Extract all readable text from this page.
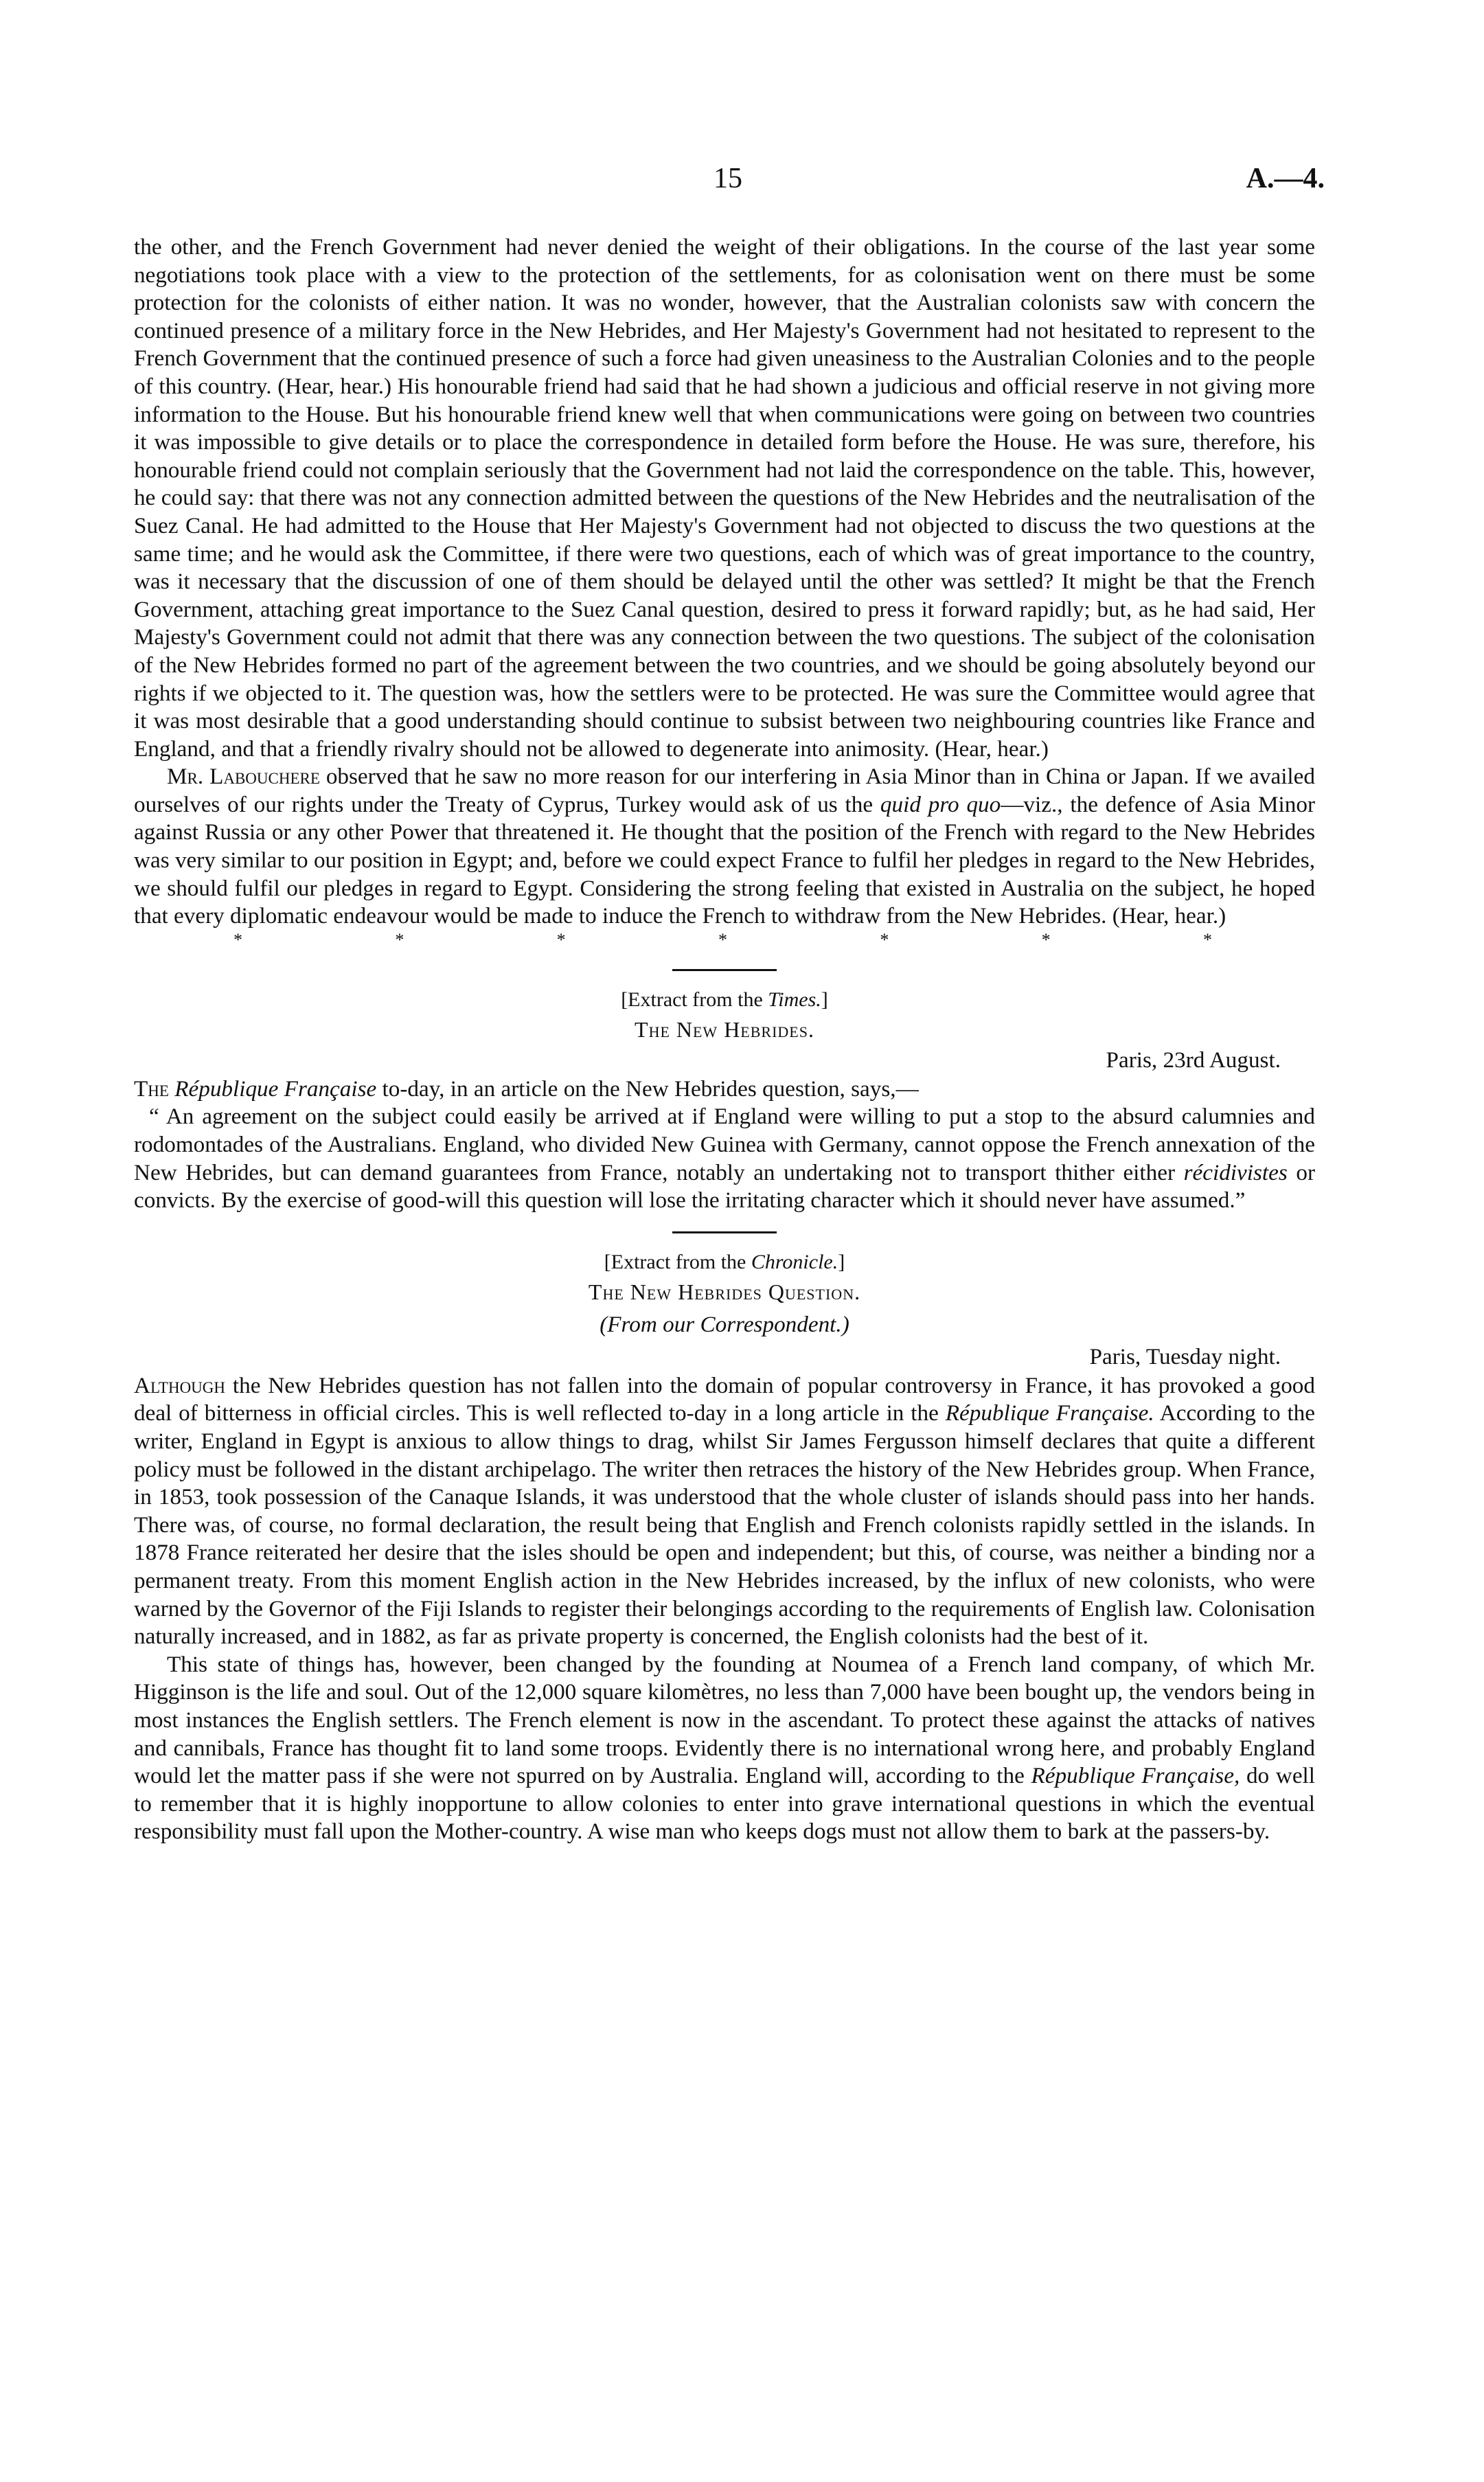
15	A.—4.

the other, and the French Government had never denied the weight of their obligations. In the course of the last year some negotiations took place with a view to the protection of the settlements, for as colonisation went on there must be some protection for the colonists of either nation. It was no wonder, however, that the Australian colonists saw with concern the continued presence of a military force in the New Hebrides, and Her Majesty's Government had not hesitated to represent to the French Government that the continued presence of such a force had given uneasiness to the Australian Colonies and to the people of this country. (Hear, hear.) His honourable friend had said that he had shown a judicious and official reserve in not giving more information to the House. But his honourable friend knew well that when communications were going on between two countries it was impossible to give details or to place the correspondence in detailed form before the House. He was sure, therefore, his honourable friend could not complain seriously that the Government had not laid the correspondence on the table. This, however, he could say: that there was not any connection admitted between the questions of the New Hebrides and the neutralisation of the Suez Canal. He had admitted to the House that Her Majesty's Government had not objected to discuss the two questions at the same time; and he would ask the Committee, if there were two questions, each of which was of great importance to the country, was it necessary that the discussion of one of them should be delayed until the other was settled? It might be that the French Government, attaching great importance to the Suez Canal question, desired to press it forward rapidly; but, as he had said, Her Majesty's Government could not admit that there was any connection between the two questions. The subject of the colonisation of the New Hebrides formed no part of the agreement between the two countries, and we should be going absolutely beyond our rights if we objected to it. The question was, how the settlers were to be protected. He was sure the Committee would agree that it was most desirable that a good understanding should continue to subsist between two neighbouring countries like France and England, and that a friendly rivalry should not be allowed to degenerate into animosity. (Hear, hear.)

Mr. Labouchere observed that he saw no more reason for our interfering in Asia Minor than in China or Japan. If we availed ourselves of our rights under the Treaty of Cyprus, Turkey would ask of us the quid pro quo—viz., the defence of Asia Minor against Russia or any other Power that threatened it. He thought that the position of the French with regard to the New Hebrides was very similar to our position in Egypt; and, before we could expect France to fulfil her pledges in regard to the New Hebrides, we should fulfil our pledges in regard to Egypt. Considering the strong feeling that existed in Australia on the subject, he hoped that every diplomatic endeavour would be made to induce the French to withdraw from the New Hebrides. (Hear, hear.)

*	*	*	*	*	*	*
[Extract from the Times.]
The New Hebrides.
Paris, 23rd August.

The République Française to-day, in an article on the New Hebrides question, says,—

“ An agreement on the subject could easily be arrived at if England were willing to put a stop to the absurd calumnies and rodomontades of the Australians. England, who divided New Guinea with Germany, cannot oppose the French annexation of the New Hebrides, but can demand guarantees from France, notably an undertaking not to transport thither either récidivistes or convicts. By the exercise of good-will this question will lose the irritating character which it should never have assumed.”

[Extract from the Chronicle.]
The New Hebrides Question.
(From our Correspondent.)
Paris, Tuesday night.

Although the New Hebrides question has not fallen into the domain of popular controversy in France, it has provoked a good deal of bitterness in official circles. This is well reflected to-day in a long article in the République Française. According to the writer, England in Egypt is anxious to allow things to drag, whilst Sir James Fergusson himself declares that quite a different policy must be followed in the distant archipelago. The writer then retraces the history of the New Hebrides group. When France, in 1853, took possession of the Canaque Islands, it was understood that the whole cluster of islands should pass into her hands. There was, of course, no formal declaration, the result being that English and French colonists rapidly settled in the islands. In 1878 France reiterated her desire that the isles should be open and independent; but this, of course, was neither a binding nor a permanent treaty. From this moment English action in the New Hebrides increased, by the influx of new colonists, who were warned by the Governor of the Fiji Islands to register their belongings according to the requirements of English law. Colonisation naturally increased, and in 1882, as far as private property is concerned, the English colonists had the best of it.

This state of things has, however, been changed by the founding at Noumea of a French land company, of which Mr. Higginson is the life and soul. Out of the 12,000 square kilomètres, no less than 7,000 have been bought up, the vendors being in most instances the English settlers. The French element is now in the ascendant. To protect these against the attacks of natives and cannibals, France has thought fit to land some troops. Evidently there is no international wrong here, and probably England would let the matter pass if she were not spurred on by Australia. England will, according to the République Française, do well to remember that it is highly inopportune to allow colonies to enter into grave international questions in which the eventual responsibility must fall upon the Mother-country. A wise man who keeps dogs must not allow them to bark at the passers-by.
